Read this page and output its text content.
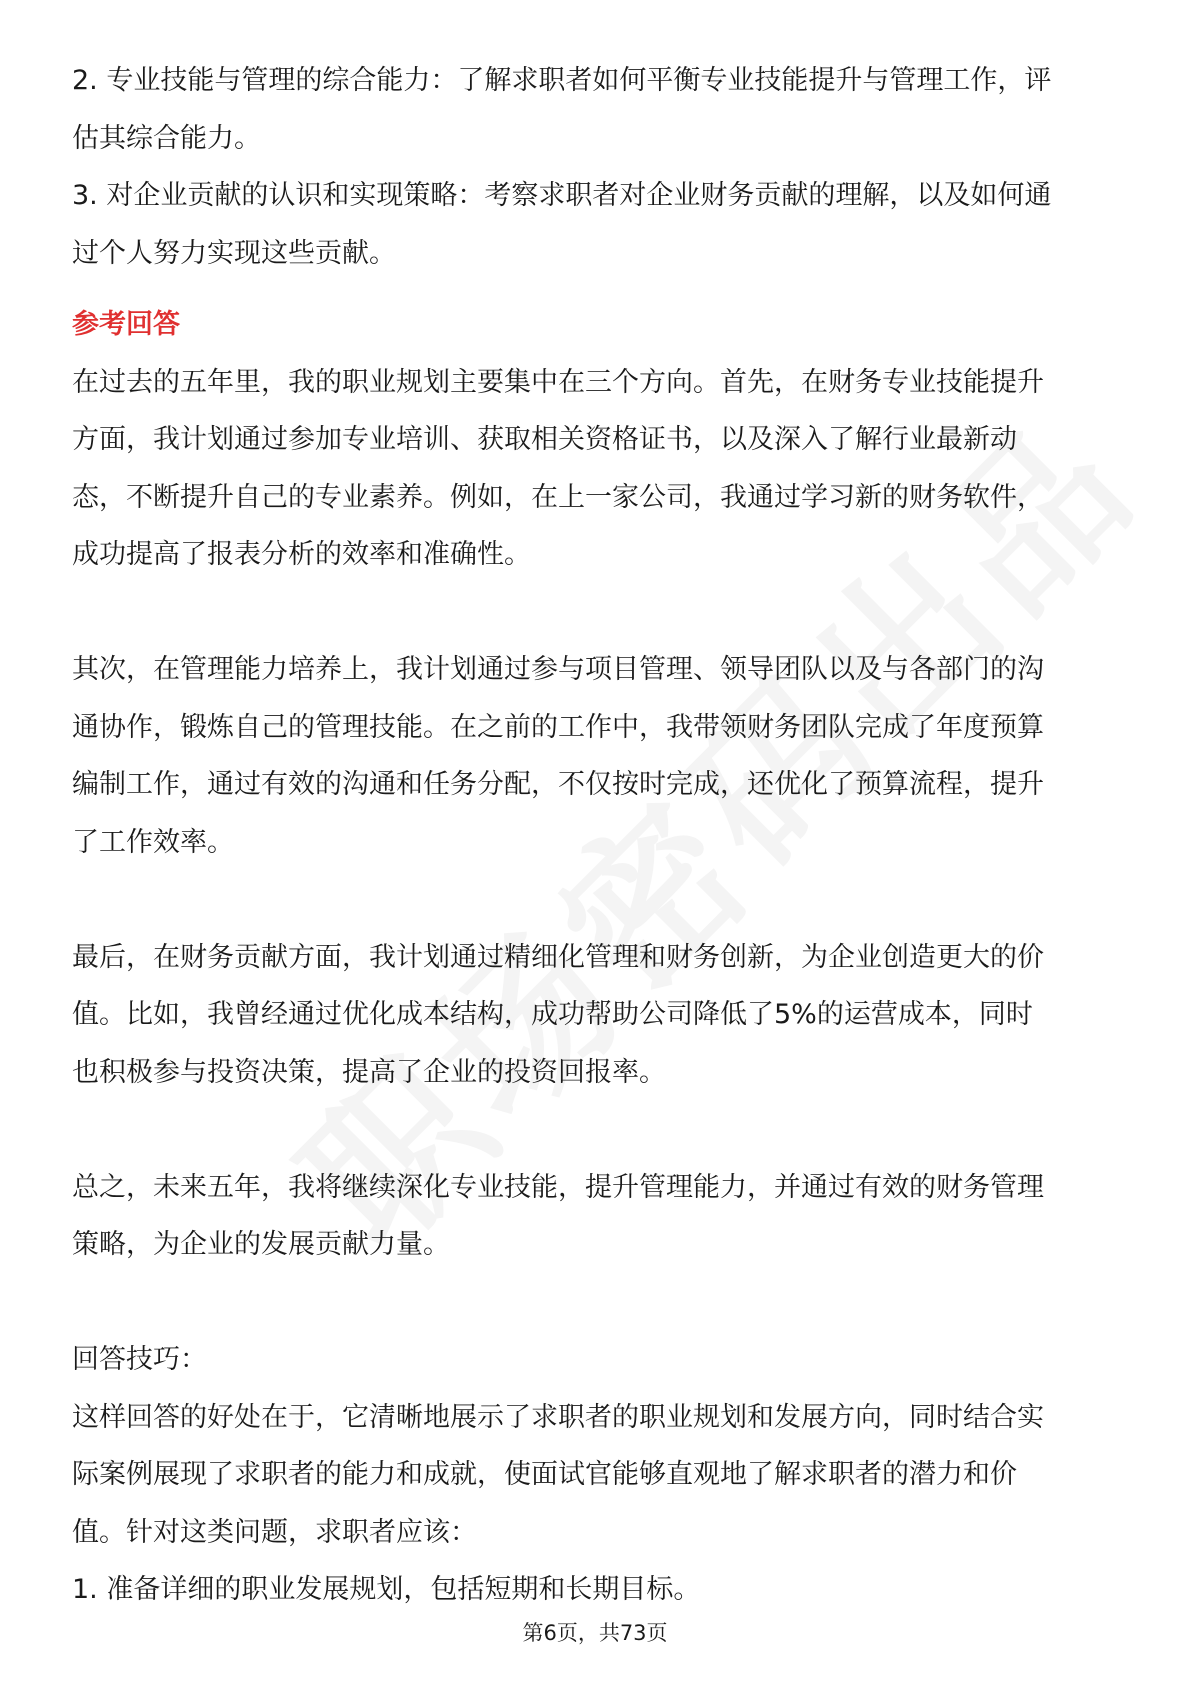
2. 专业技能与管理的综合能力：了解求职者如何平衡专业技能提升与管理工作，评

估其综合能力。

3. 对企业贡献的认识和实现策略：考察求职者对企业财务贡献的理解，以及如何通

过个人努力实现这些贡献。

参考回答

在过去的五年里，我的职业规划主要集中在三个方向。首先，在财务专业技能提升

方面，我计划通过参加专业培训、获取相关资格证书，以及深入了解行业最新动

态，不断提升自己的专业素养。例如，在上一家公司，我通过学习新的财务软件，

成功提高了报表分析的效率和准确性。

其次，在管理能力培养上，我计划通过参与项目管理、领导团队以及与各部门的沟

通协作，锻炼自己的管理技能。在之前的工作中，我带领财务团队完成了年度预算

编制工作，通过有效的沟通和任务分配，不仅按时完成，还优化了预算流程，提升

了工作效率。

最后，在财务贡献方面，我计划通过精细化管理和财务创新，为企业创造更大的价

值。比如，我曾经通过优化成本结构，成功帮助公司降低了5%的运营成本，同时

也积极参与投资决策，提高了企业的投资回报率。

总之，未来五年，我将继续深化专业技能，提升管理能力，并通过有效的财务管理

策略，为企业的发展贡献力量。

回答技巧：

这样回答的好处在于，它清晰地展示了求职者的职业规划和发展方向，同时结合实

际案例展现了求职者的能力和成就，使面试官能够直观地了解求职者的潜力和价

值。针对这类问题，求职者应该：

1. 准备详细的职业发展规划，包括短期和长期目标。

第6页，共73页
